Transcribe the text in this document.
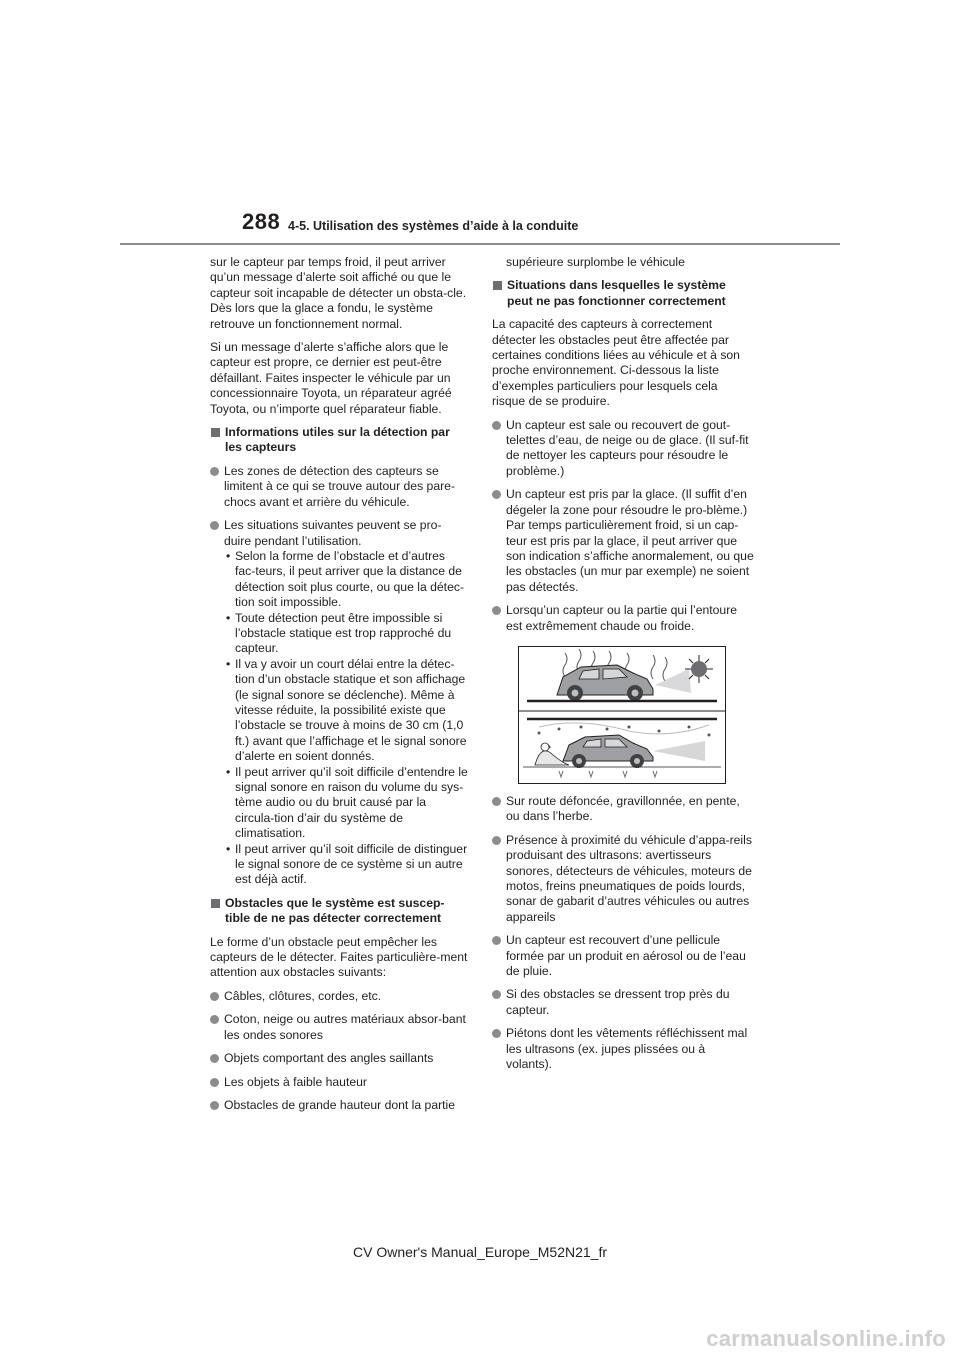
288 4-5. Utilisation des systèmes d’aide à la conduite

sur le capteur par temps froid, il peut arriver qu’un message d’alerte soit affiché ou que le capteur soit incapable de détecter un obsta-cle. Dès lors que la glace a fondu, le système retrouve un fonctionnement normal.

Si un message d’alerte s’affiche alors que le capteur est propre, ce dernier est peut-être défaillant. Faites inspecter le véhicule par un concessionnaire Toyota, un réparateur agréé Toyota, ou n’importe quel réparateur fiable.

Informations utiles sur la détection par les capteurs
Les zones de détection des capteurs se limitent à ce qui se trouve autour des pare-chocs avant et arrière du véhicule.
Les situations suivantes peuvent se pro-duire pendant l’utilisation.
• Selon la forme de l’obstacle et d’autres fac-teurs, il peut arriver que la distance de détection soit plus courte, ou que la détec-tion soit impossible.
• Toute détection peut être impossible si l’obstacle statique est trop rapproché du capteur.
• Il va y avoir un court délai entre la détec-tion d’un obstacle statique et son affichage (le signal sonore se déclenche). Même à vitesse réduite, la possibilité existe que l’obstacle se trouve à moins de 30 cm (1,0 ft.) avant que l’affichage et le signal sonore d’alerte en soient donnés.
• Il peut arriver qu’il soit difficile d’entendre le signal sonore en raison du volume du sys-tème audio ou du bruit causé par la circula-tion d’air du système de climatisation.
• Il peut arriver qu’il soit difficile de distinguer le signal sonore de ce système si un autre est déjà actif.
Obstacles que le système est suscep-tible de ne pas détecter correctement

Le forme d’un obstacle peut empêcher les capteurs de le détecter. Faites particulière-ment attention aux obstacles suivants:

Câbles, clôtures, cordes, etc.
Coton, neige ou autres matériaux absor-bant les ondes sonores
Objets comportant des angles saillants
Les objets à faible hauteur
Obstacles de grande hauteur dont la partie

supérieure surplombe le véhicule

Situations dans lesquelles le système peut ne pas fonctionner correctement

La capacité des capteurs à correctement détecter les obstacles peut être affectée par certaines conditions liées au véhicule et à son proche environnement. Ci-dessous la liste d’exemples particuliers pour lesquels cela risque de se produire.

Un capteur est sale ou recouvert de gout-telettes d’eau, de neige ou de glace. (Il suf-fit de nettoyer les capteurs pour résoudre le problème.)
Un capteur est pris par la glace. (Il suffit d’en dégeler la zone pour résoudre le pro-blème.)
Par temps particulièrement froid, si un cap-teur est pris par la glace, il peut arriver que son indication s’affiche anormalement, ou que les obstacles (un mur par exemple) ne soient pas détectés.
Lorsqu’un capteur ou la partie qui l’entoure est extrêmement chaude ou froide.
Sur route défoncée, gravillonnée, en pente, ou dans l’herbe.
Présence à proximité du véhicule d’appa-reils produisant des ultrasons: avertisseurs sonores, détecteurs de véhicules, moteurs de motos, freins pneumatiques de poids lourds, sonar de gabarit d’autres véhicules ou autres appareils
Un capteur est recouvert d’une pellicule formée par un produit en aérosol ou de l’eau de pluie.
Si des obstacles se dressent trop près du capteur.
Piétons dont les vêtements réfléchissent mal les ultrasons (ex. jupes plissées ou à volants).
CV Owner's Manual_Europe_M52N21_fr
carmanualsonline.info
